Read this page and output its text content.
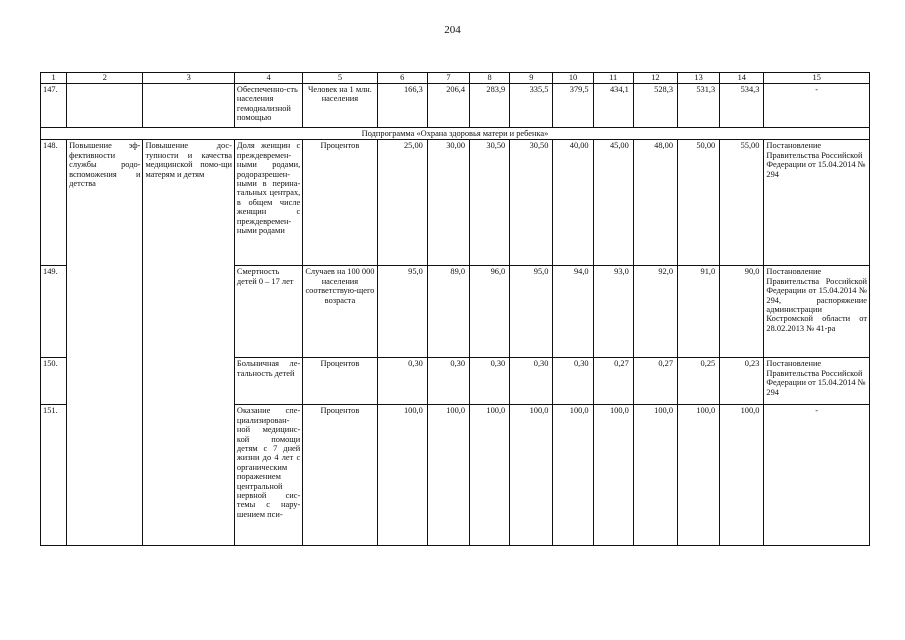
204
1	2	3	4	5	6	7	8	9	10	11	12	13	14	15
147.			Обеспеченно-сть населения гемодиализной помощью	Человек на 1 млн. населения	166,3	206,4	283,9	335,5	379,5	434,1	528,3	531,3	534,3	-
Подпрограмма «Охрана здоровья матери и ребенка»														
148.	Повышение эф-фективности службы родо-вспоможения и детства	Повышение дос-тупности и качества медицинской помо-щи матерям и детям	Доля женщин с преждевремен-ными родами, родоразрешен-ными в перина-тальных центрах, в общем числе женщин с преждевремен-ными родами	Процентов	25,00	30,00	30,50	30,50	40,00	45,00	48,00	50,00	55,00	Постановление Правительства Российской Федерации от 15.04.2014 № 294
149.			Смертность детей 0 – 17 лет	Случаев на 100 000 населения соответствую-щего возраста	95,0	89,0	96,0	95,0	94,0	93,0	92,0	91,0	90,0	Постановление Правительства Российской Федерации от 15.04.2014 № 294, распоряжение администрации Костромской области от 28.02.2013 № 41-ра
150.			Больничная ле-тальность детей	Процентов	0,30	0,30	0,30	0,30	0,30	0,27	0,27	0,25	0,23	Постановление Правительства Российской Федерации от 15.04.2014 № 294
151.			Оказание спе-циализирован-ной медицинс-кой помощи детям с 7 дней жизни до 4 лет с органическим поражением центральной нервной сис-темы с нару-шением пси-	Процентов	100,0	100,0	100,0	100,0	100,0	100,0	100,0	100,0	100,0	-
